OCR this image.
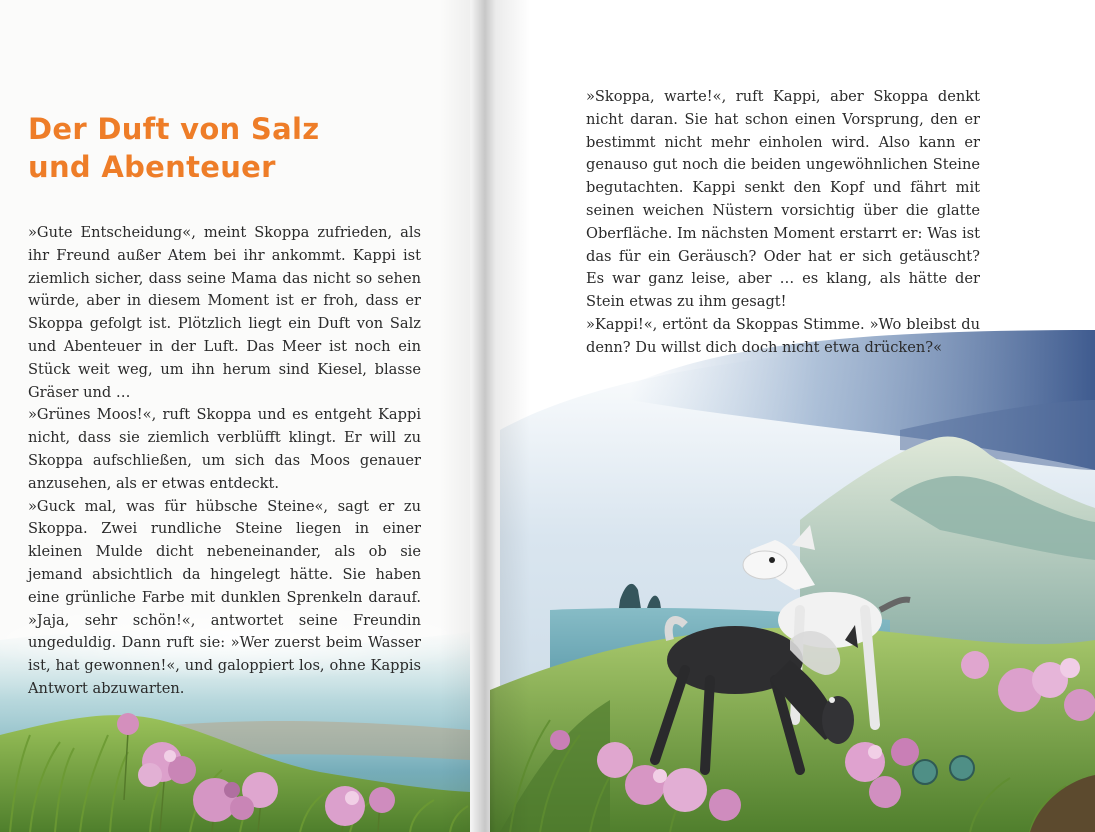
Der Duft von Salz
und Abenteuer

»Gute Entscheidung«, meint Skoppa zufrieden, als ihr Freund außer Atem bei ihr ankommt. Kappi ist ziemlich sicher, dass seine Mama das nicht so sehen würde, aber in diesem Moment ist er froh, dass er Skoppa gefolgt ist. Plötzlich liegt ein Duft von Salz und Abenteuer in der Luft. Das Meer ist noch ein Stück weit weg, um ihn herum sind Kiesel, blasse Gräser und …

»Grünes Moos!«, ruft Skoppa und es entgeht Kappi nicht, dass sie ziemlich verblüfft klingt. Er will zu Skoppa aufschließen, um sich das Moos genauer anzusehen, als er etwas entdeckt.

»Guck mal, was für hübsche Steine«, sagt er zu Skoppa. Zwei rundliche Steine liegen in einer kleinen Mulde dicht nebeneinander, als ob sie jemand absichtlich da hingelegt hätte. Sie haben eine grünliche Farbe mit dunklen Sprenkeln darauf. »Jaja, sehr schön!«, antwortet seine Freundin ungeduldig. Dann ruft sie: »Wer zuerst beim Wasser ist, hat gewonnen!«, und galoppiert los, ohne Kappis Antwort abzuwarten.

»Skoppa, warte!«, ruft Kappi, aber Skoppa denkt nicht daran. Sie hat schon einen Vorsprung, den er bestimmt nicht mehr einholen wird. Also kann er genauso gut noch die beiden ungewöhnlichen Steine begutachten. Kappi senkt den Kopf und fährt mit seinen weichen Nüstern vorsichtig über die glatte Oberfläche. Im nächsten Moment erstarrt er: Was ist das für ein Geräusch? Oder hat er sich getäuscht? Es war ganz leise, aber … es klang, als hätte der Stein etwas zu ihm gesagt!

»Kappi!«, ertönt da Skoppas Stimme. »Wo bleibst du denn? Du willst dich doch nicht etwa drücken?«
